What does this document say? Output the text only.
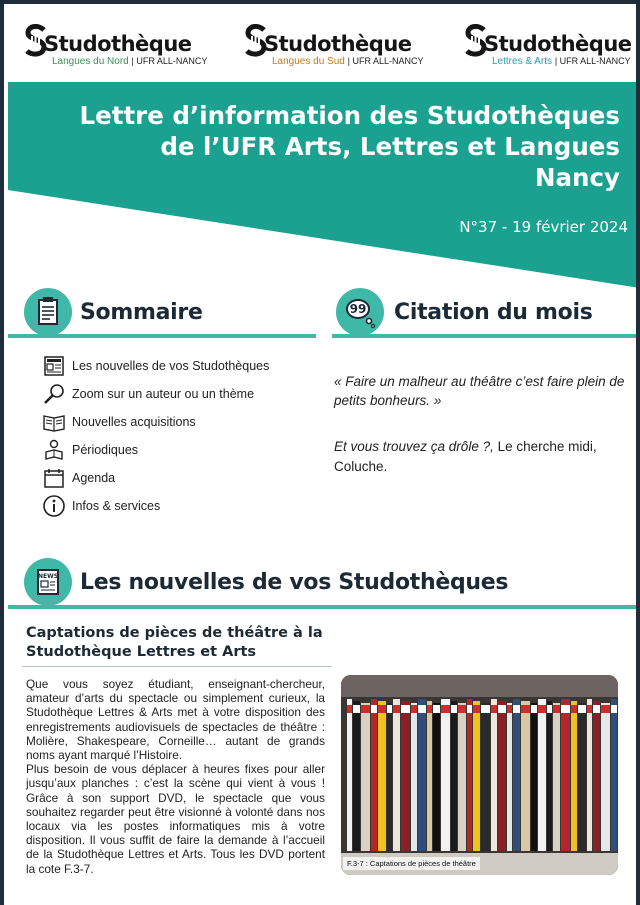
Studothèque
Langues du Nord | UFR ALL-NANCY
Studothèque
Langues du Sud | UFR ALL-NANCY
Studothèque
Lettres & Arts | UFR ALL-NANCY
Lettre d’information des Studothèques
de l’UFR Arts, Lettres et Langues
Nancy
N°37 - 19 février 2024
Sommaire	99 Citation du mois
Les nouvelles de vos Studothèques
Zoom sur un auteur ou un thème
Nouvelles acquisitions
Périodiques
Agenda
Infos & services
« Faire un malheur au théâtre c’est faire plein de petits bonheurs. »
Et vous trouvez ça drôle ?, Le cherche midi, Coluche.
NEWS Les nouvelles de vos Studothèques
Captations de pièces de théâtre à la Studothèque Lettres et Arts

Que vous soyez étudiant, enseignant-chercheur, amateur d’arts du spectacle ou simplement curieux, la Studothèque Lettres & Arts met à votre disposition des enregistrements audiovisuels de spectacles de théâtre : Molière, Shakespeare, Corneille… autant de grands noms ayant marqué l’Histoire.

Plus besoin de vous déplacer à heures fixes pour aller jusqu’aux planches : c’est la scène qui vient à vous ! Grâce à son support DVD, le spectacle que vous souhaitez regarder peut être visionné à volonté dans nos locaux via les postes informatiques mis à votre disposition. Il vous suffit de faire la demande à l’accueil de la Studothèque Lettres et Arts. Tous les DVD portent la cote F.3-7.	F.3-7 : Captations de pièces de théâtre
